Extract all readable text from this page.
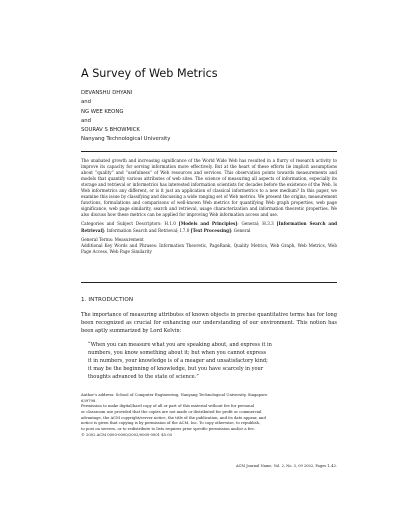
A Survey of Web Metrics
DEVANSHU DHYANI
and
NG WEE KEONG
and
SOURAV S BHOWMICK
Nanyang Technological University

The unabated growth and increasing significance of the World Wide Web has resulted in a flurry of research activity to improve its capacity for serving information more effectively. But at the heart of these efforts lie implicit assumptions about “quality” and “usefulness” of Web resources and services. This observation points towards measurements and models that quantify various attributes of web sites. The science of measuring all aspects of information, especially its storage and retrieval or informetrics has interested information scientists for decades before the existence of the Web. Is Web informetrics any different, or is it just an application of classical informetrics to a new medium? In this paper, we examine this issue by classifying and discussing a wide ranging set of Web metrics. We present the origins, measurement functions, formulations and comparisons of well-known Web metrics for quantifying Web graph properties, web page significance, web page similarity, search and retrieval, usage characterization and information theoretic properties. We also discuss how these metrics can be applied for improving Web information access and use.

Categories and Subject Descriptors: H.1.0 [Models and Principles]: General; H.3.3 [Information Search and Retrieval]: Information Search and Retrieval; I.7.0 [Text Processing]: General

General Terms: Measurement

Additional Key Words and Phrases: Information Theoretic, PageRank, Quality Metrics, Web Graph, Web Metrics, Web Page Access, Web Page Similarity

1. INTRODUCTION
The importance of measuring attributes of known objects in precise quantitative terms has for long been recognized as crucial for enhancing our understanding of our environment. This notion has been aptly summarized by Lord Kelvin:
“When you can measure what you are speaking about, and express it in
numbers, you know something about it; but when you cannot express
it in numbers, your knowledge is of a meager and unsatisfactory kind;
it may be the beginning of knowledge, but you have scarcely in your
thoughts advanced to the state of science.”
Author’s address: School of Computer Engineering, Nanyang Technological University, Singapore
639798.
Permission to make digital/hard copy of all or part of this material without fee for personal
or classroom use provided that the copies are not made or distributed for profit or commercial
advantage, the ACM copyright/server notice, the title of the publication, and its date appear, and
notice is given that copying is by permission of the ACM, Inc. To copy otherwise, to republish,
to post on servers, or to redistribute to lists requires prior specific permission and/or a fee.
© 2002 ACM 0000-0000/2002/0000-0001 $5.00
ACM Journal Name, Vol. 2, No. 3, 09 2002, Pages 1–42.
